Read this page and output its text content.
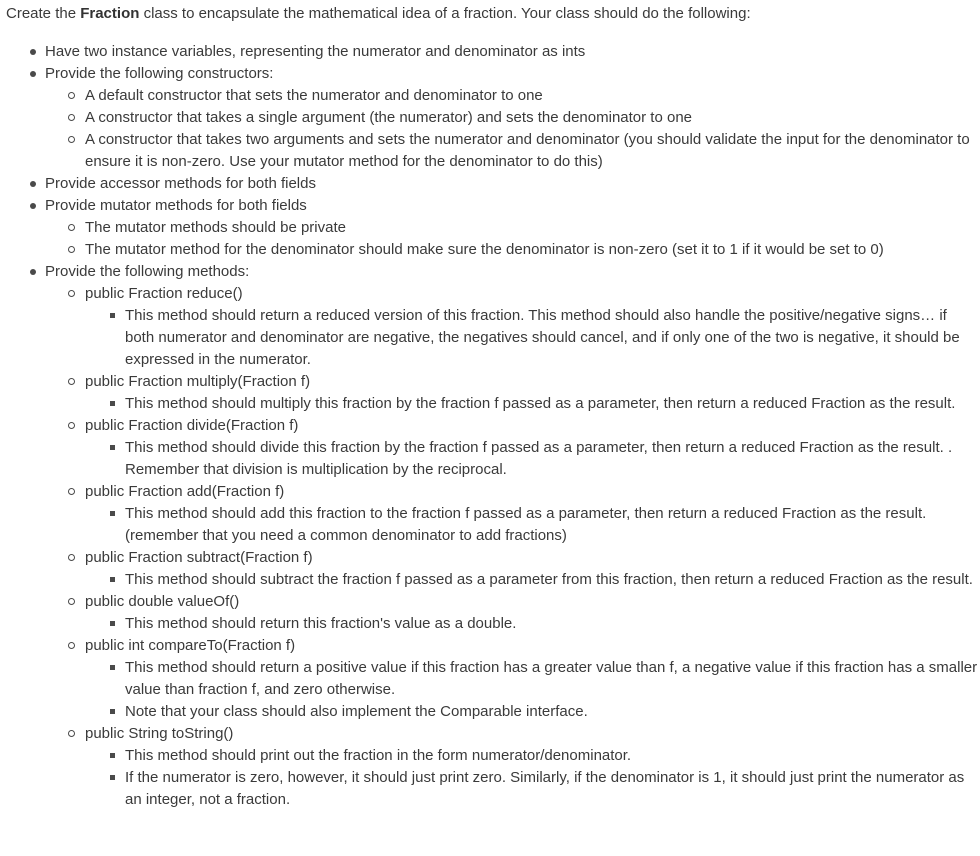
Create the Fraction class to encapsulate the mathematical idea of a fraction. Your class should do the following:

Have two instance variables, representing the numerator and denominator as ints
Provide the following constructors:
A default constructor that sets the numerator and denominator to one
A constructor that takes a single argument (the numerator) and sets the denominator to one
A constructor that takes two arguments and sets the numerator and denominator (you should validate the input for the denominator to ensure it is non-zero. Use your mutator method for the denominator to do this)
Provide accessor methods for both fields
Provide mutator methods for both fields
The mutator methods should be private
The mutator method for the denominator should make sure the denominator is non-zero (set it to 1 if it would be set to 0)
Provide the following methods:
public Fraction reduce()
This method should return a reduced version of this fraction. This method should also handle the positive/negative signs… if both numerator and denominator are negative, the negatives should cancel, and if only one of the two is negative, it should be expressed in the numerator.
public Fraction multiply(Fraction f)
This method should multiply this fraction by the fraction f passed as a parameter, then return a reduced Fraction as the result.
public Fraction divide(Fraction f)
This method should divide this fraction by the fraction f passed as a parameter, then return a reduced Fraction as the result. . Remember that division is multiplication by the reciprocal.
public Fraction add(Fraction f)
This method should add this fraction to the fraction f passed as a parameter, then return a reduced Fraction as the result. (remember that you need a common denominator to add fractions)
public Fraction subtract(Fraction f)
This method should subtract the fraction f passed as a parameter from this fraction, then return a reduced Fraction as the result.
public double valueOf()
This method should return this fraction's value as a double.
public int compareTo(Fraction f)
This method should return a positive value if this fraction has a greater value than f, a negative value if this fraction has a smaller value than fraction f, and zero otherwise.
Note that your class should also implement the Comparable interface.
public String toString()
This method should print out the fraction in the form numerator/denominator.
If the numerator is zero, however, it should just print zero. Similarly, if the denominator is 1, it should just print the numerator as an integer, not a fraction.
